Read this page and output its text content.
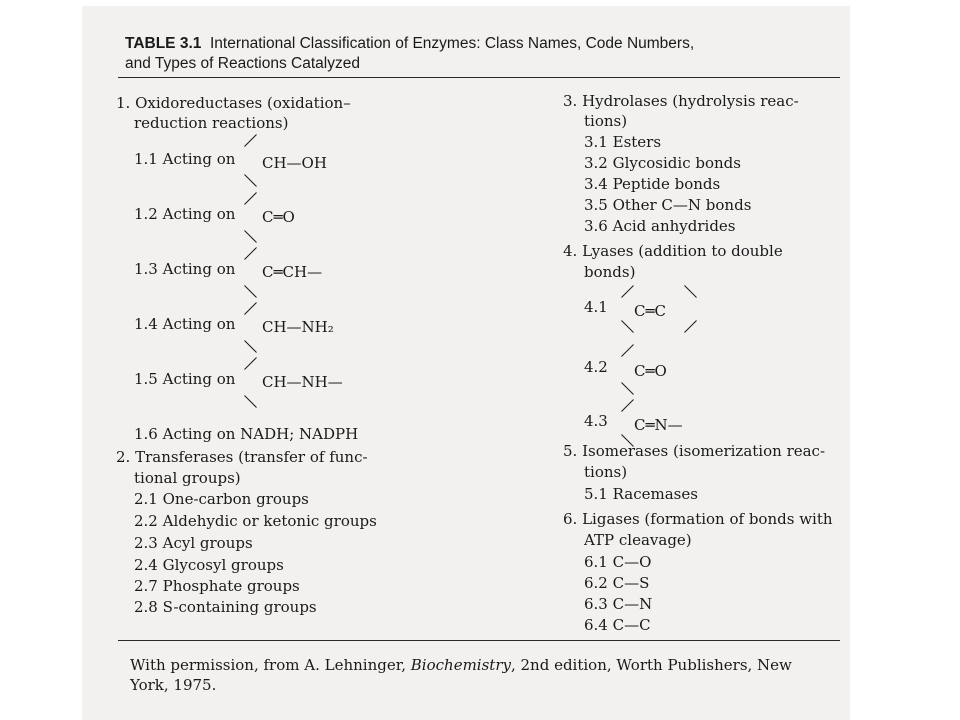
TABLE 3.1 International Classification of Enzymes: Class Names, Code Numbers,
and Types of Reactions Catalyzed
1. Oxidoreductases (oxidation–
reduction reactions)
1.1 Acting on CH—OH
1.2 Acting on C═O
1.3 Acting on C═CH—
1.4 Acting on CH—NH₂
1.5 Acting on CH—NH—
1.6 Acting on NADH; NADPH
2. Transferases (transfer of func-
tional groups)
2.1 One-carbon groups
2.2 Aldehydic or ketonic groups
2.3 Acyl groups
2.4 Glycosyl groups
2.7 Phosphate groups
2.8 S-containing groups
3. Hydrolases (hydrolysis reac-
tions)
3.1 Esters
3.2 Glycosidic bonds
3.4 Peptide bonds
3.5 Other C—N bonds
3.6 Acid anhydrides
4. Lyases (addition to double
bonds)
4.1 C═C
4.2 C═O
4.3 C═N—
5. Isomerases (isomerization reac-
tions)
5.1 Racemases
6. Ligases (formation of bonds with
ATP cleavage)
6.1 C—O
6.2 C—S
6.3 C—N
6.4 C—C
With permission, from A. Lehninger, Biochemistry, 2nd edition, Worth Publishers, New
York, 1975.
